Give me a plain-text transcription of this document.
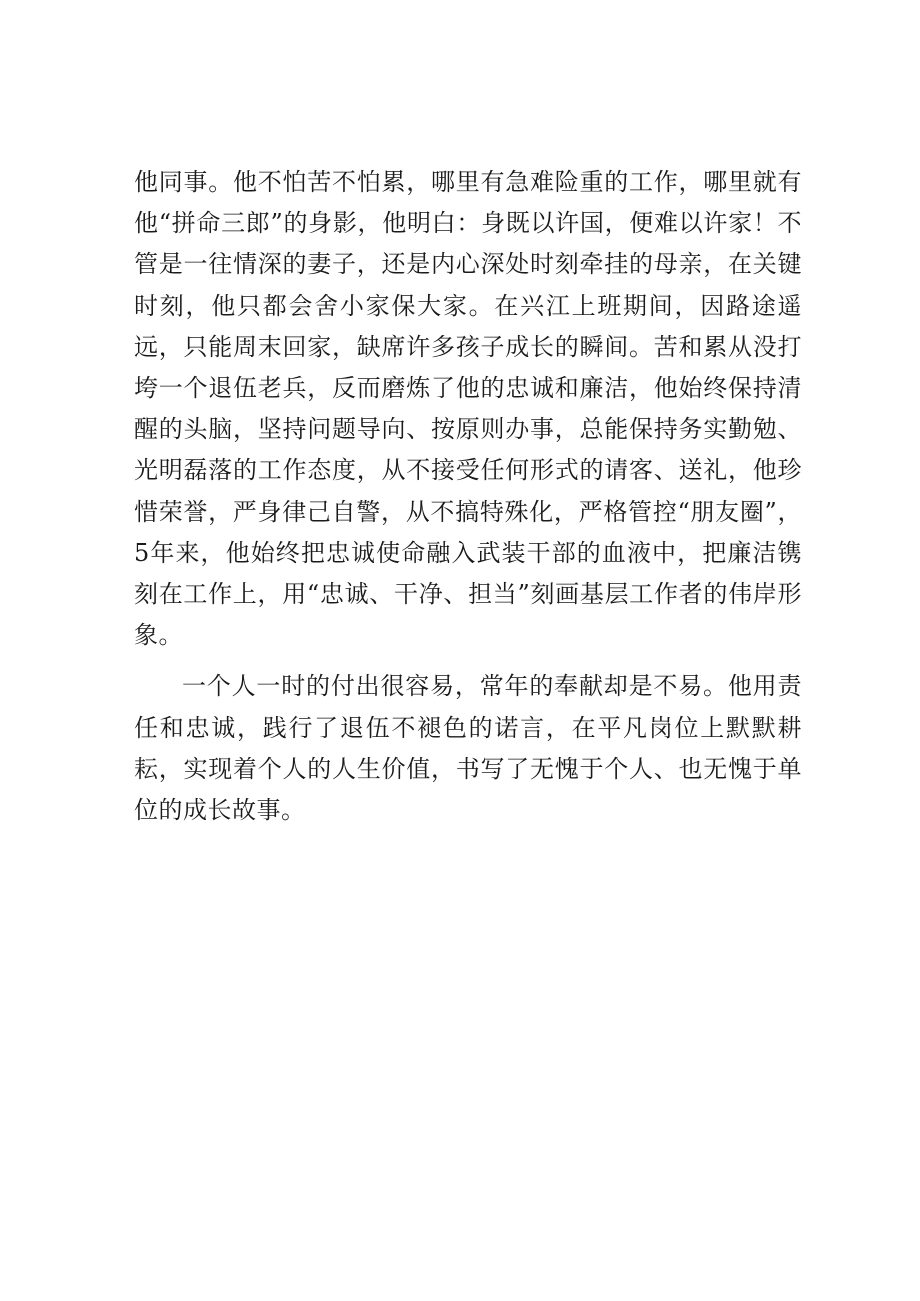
他同事。他不怕苦不怕累，哪里有急难险重的工作，哪里就有他“拼命三郎”的身影，他明白：身既以许国，便难以许家！不管是一往情深的妻子，还是内心深处时刻牵挂的母亲，在关键时刻，他只都会舍小家保大家。在兴江上班期间，因路途遥远，只能周末回家，缺席许多孩子成长的瞬间。苦和累从没打垮一个退伍老兵，反而磨炼了他的忠诚和廉洁，他始终保持清醒的头脑，坚持问题导向、按原则办事，总能保持务实勤勉、光明磊落的工作态度，从不接受任何形式的请客、送礼，他珍惜荣誉，严身律己自警，从不搞特殊化，严格管控“朋友圈”，5年来，他始终把忠诚使命融入武装干部的血液中，把廉洁镌刻在工作上，用“忠诚、干净、担当”刻画基层工作者的伟岸形象。

一个人一时的付出很容易，常年的奉献却是不易。他用责任和忠诚，践行了退伍不褪色的诺言，在平凡岗位上默默耕耘，实现着个人的人生价值，书写了无愧于个人、也无愧于单位的成长故事。
